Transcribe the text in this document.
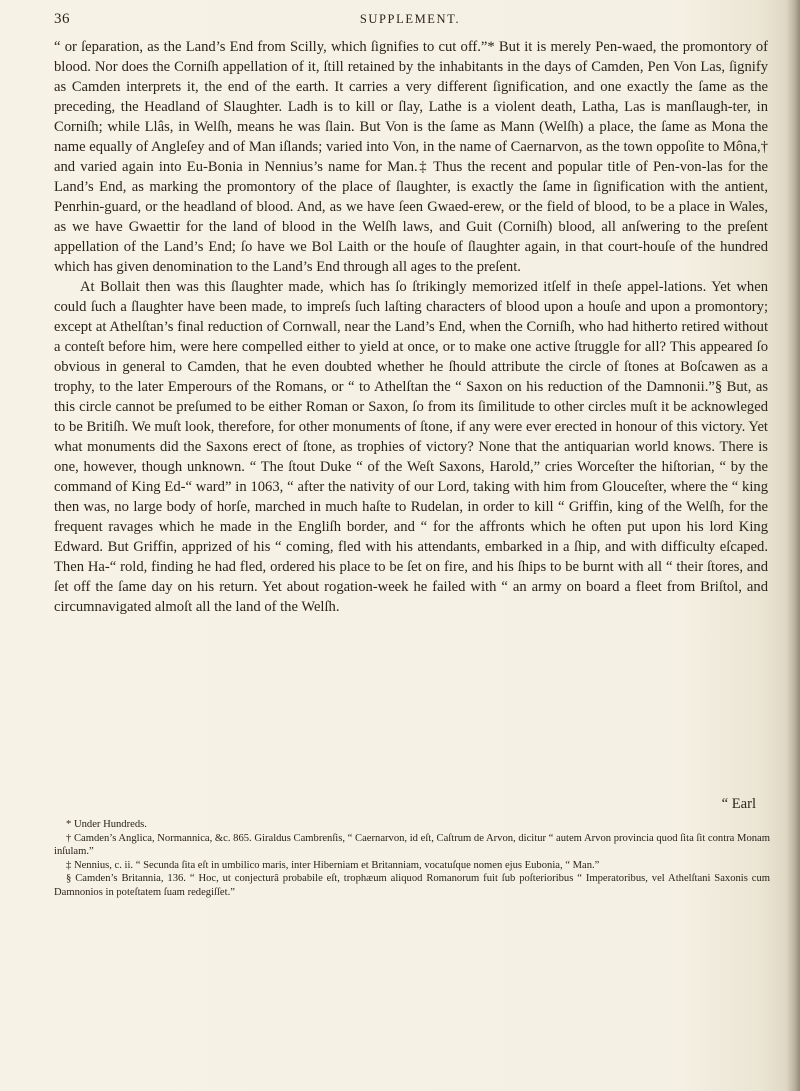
36	SUPPLEMENT.

“ or ſeparation, as the Land’s End from Scilly, which ſignifies to cut off.”* But it is merely Pen-waed, the promontory of blood. Nor does the Corniſh appellation of it, ſtill retained by the inhabitants in the days of Camden, Pen Von Las, ſignify as Camden interprets it, the end of the earth. It carries a very different ſignification, and one exactly the ſame as the preceding, the Headland of Slaughter. Ladh is to kill or ſlay, Lathe is a violent death, Latha, Las is manſlaugh-ter, in Corniſh; while Llâs, in Welſh, means he was ſlain. But Von is the ſame as Mann (Welſh) a place, the ſame as Mona the name equally of Angleſey and of Man iſlands; varied into Von, in the name of Caernarvon, as the town oppoſite to Môna,† and varied again into Eu-Bonia in Nennius’s name for Man.‡ Thus the recent and popular title of Pen-von-las for the Land’s End, as marking the promontory of the place of ſlaughter, is exactly the ſame in ſignification with the antient, Penrhin-guard, or the headland of blood. And, as we have ſeen Gwaed-erew, or the field of blood, to be a place in Wales, as we have Gwaettir for the land of blood in the Welſh laws, and Guit (Corniſh) blood, all anſwering to the preſent appellation of the Land’s End; ſo have we Bol Laith or the houſe of ſlaughter again, in that court-houſe of the hundred which has given denomination to the Land’s End through all ages to the preſent.

At Bollait then was this ſlaughter made, which has ſo ſtrikingly memorized itſelf in theſe appel-lations. Yet when could ſuch a ſlaughter have been made, to impreſs ſuch laſting characters of blood upon a houſe and upon a promontory; except at Athelſtan’s final reduction of Cornwall, near the Land’s End, when the Corniſh, who had hitherto retired without a conteſt before him, were here compelled either to yield at once, or to make one active ſtruggle for all? This appeared ſo obvious in general to Camden, that he even doubted whether he ſhould attribute the circle of ſtones at Boſcawen as a trophy, to the later Emperours of the Romans, or “ to Athelſtan the “ Saxon on his reduction of the Damnonii.”§ But, as this circle cannot be preſumed to be either Roman or Saxon, ſo from its ſimilitude to other circles muſt it be acknowleged to be Britiſh. We muſt look, therefore, for other monuments of ſtone, if any were ever erected in honour of this victory. Yet what monuments did the Saxons erect of ſtone, as trophies of victory? None that the antiquarian world knows. There is one, however, though unknown. “ The ſtout Duke “ of the Weſt Saxons, Harold,” cries Worceſter the hiſtorian, “ by the command of King Ed-“ ward” in 1063, “ after the nativity of our Lord, taking with him from Glouceſter, where the “ king then was, no large body of horſe, marched in much haſte to Rudelan, in order to kill “ Griffin, king of the Welſh, for the frequent ravages which he made in the Engliſh border, and “ for the affronts which he often put upon his lord King Edward. But Griffin, apprized of his “ coming, fled with his attendants, embarked in a ſhip, and with difficulty eſcaped. Then Ha-“ rold, finding he had fled, ordered his place to be ſet on fire, and his ſhips to be burnt with all “ their ſtores, and ſet off the ſame day on his return. Yet about rogation-week he failed with “ an army on board a fleet from Briſtol, and circumnavigated almoſt all the land of the Welſh.

“ Earl

* Under Hundreds.

† Camden’s Anglica, Normannica, &c. 865. Giraldus Cambrenſis, “ Caernarvon, id eſt, Caſtrum de Arvon, dicitur “ autem Arvon provincia quod ſita ſit contra Monam inſulam.”

‡ Nennius, c. ii. “ Secunda ſita eſt in umbilico maris, inter Hiberniam et Britanniam, vocatuſque nomen ejus Eubonia, “ Man.”

§ Camden’s Britannia, 136. “ Hoc, ut conjecturâ probabile eſt, trophæum aliquod Romanorum fuit ſub poſterioribus “ Imperatoribus, vel Athelſtani Saxonis cum Damnonios in poteſtatem ſuam redegiſſet.”
